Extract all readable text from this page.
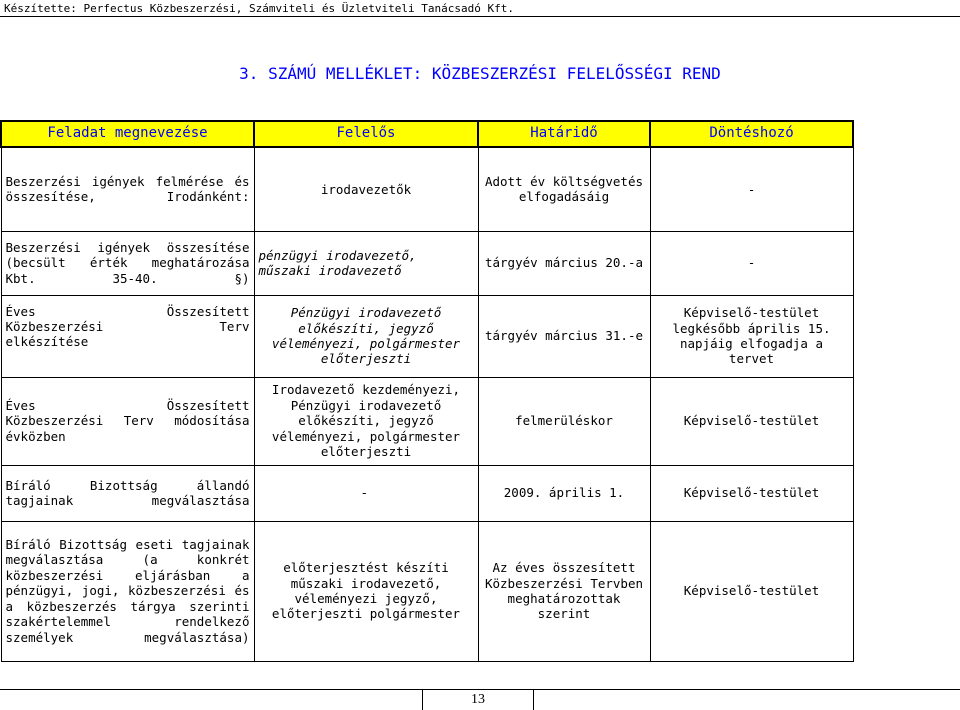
Készítette: Perfectus Közbeszerzési, Számviteli és Üzletviteli Tanácsadó Kft.
3. SZÁMÚ MELLÉKLET: KÖZBESZERZÉSI FELELŐSSÉGI REND
Feladat megnevezése	Felelős	Határidő	Döntéshozó
Beszerzési igények felmérése és összesítése, Irodánként:	irodavezetők	Adott év költségvetés elfogadásáig	-
Beszerzési igények összesítése (becsült érték meghatározása Kbt. 35-40. §)	pénzügyi irodavezető, műszaki irodavezető	tárgyév március 20.-a	-

Éves     Összesített
Közbeszerzési       Terv
elkészítése	Pénzügyi irodavezető előkészíti, jegyző véleményezi, polgármester előterjeszti	tárgyév március 31.-e	Képviselő-testület legkésőbb április 15. napjáig elfogadja a tervet

Éves     Összesített
Közbeszerzési Terv módosítása
évközben	Irodavezető kezdeményezi, Pénzügyi irodavezető előkészíti, jegyző véleményezi, polgármester előterjeszti	felmerüléskor	Képviselő-testület
Bíráló Bizottság állandó tagjainak megválasztása	-	2009. április 1.	Képviselő-testület
Bíráló Bizottság eseti tagjainak megválasztása (a konkrét közbeszerzési eljárásban a pénzügyi, jogi, közbeszerzési és a közbeszerzés tárgya szerinti szakértelemmel rendelkező személyek megválasztása)	előterjesztést készíti műszaki irodavezető, véleményezi jegyző, előterjeszti polgármester	Az éves összesített Közbeszerzési Tervben meghatározottak szerint	Képviselő-testület
13
